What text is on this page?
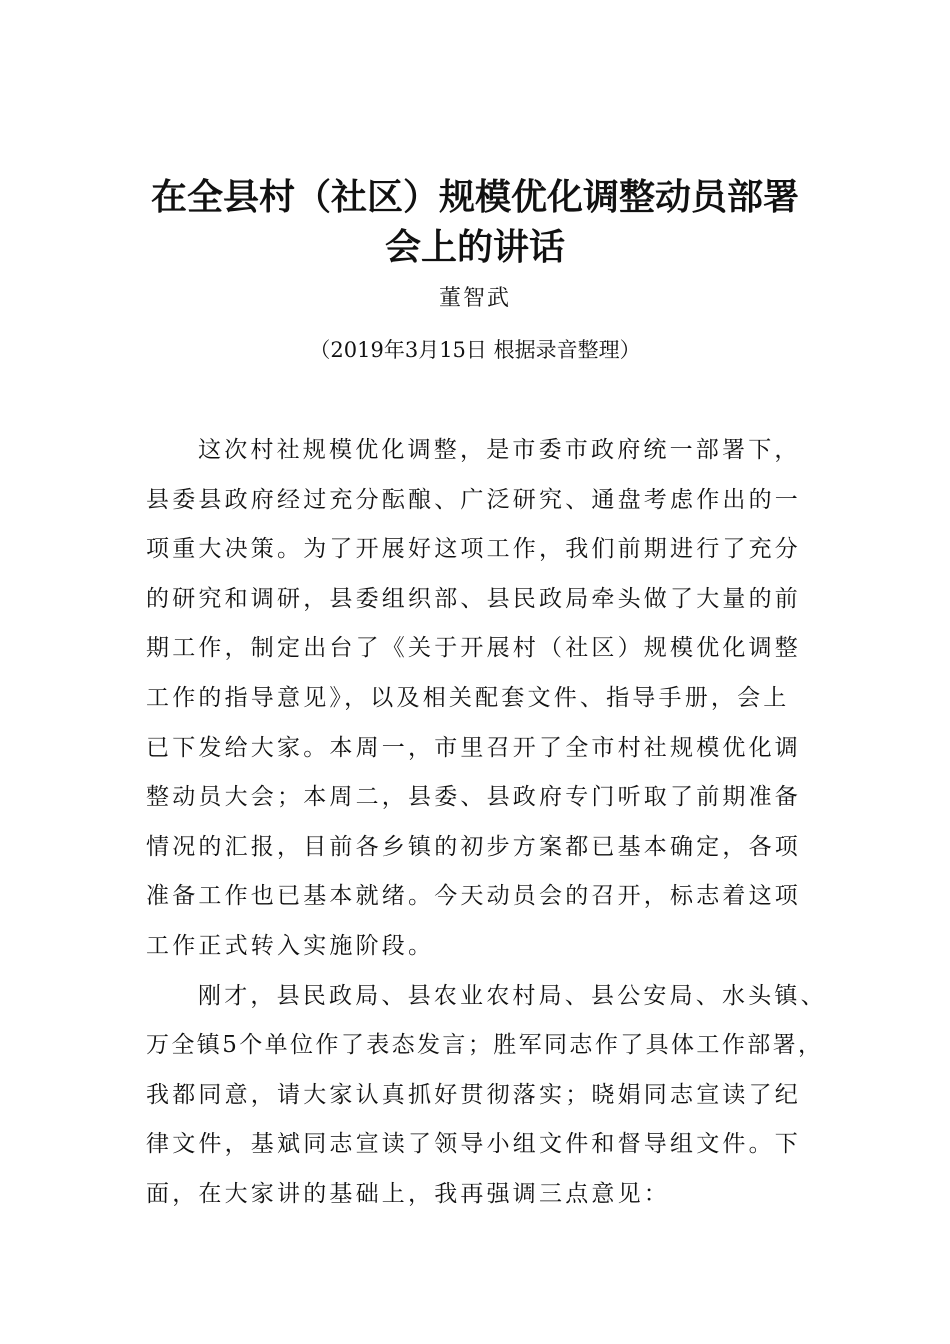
在全县村（社区）规模优化调整动员部署
会上的讲话
董智武
（2019年3月15日 根据录音整理）

这次村社规模优化调整，是市委市政府统一部署下，
县委县政府经过充分酝酿、广泛研究、通盘考虑作出的一
项重大决策。为了开展好这项工作，我们前期进行了充分
的研究和调研，县委组织部、县民政局牵头做了大量的前
期工作，制定出台了《关于开展村（社区）规模优化调整
工作的指导意见》，以及相关配套文件、指导手册，会上
已下发给大家。本周一，市里召开了全市村社规模优化调
整动员大会；本周二，县委、县政府专门听取了前期准备
情况的汇报，目前各乡镇的初步方案都已基本确定，各项
准备工作也已基本就绪。今天动员会的召开，标志着这项
工作正式转入实施阶段。

刚才，县民政局、县农业农村局、县公安局、水头镇、
万全镇5个单位作了表态发言；胜军同志作了具体工作部署，
我都同意，请大家认真抓好贯彻落实；晓娟同志宣读了纪
律文件，基斌同志宣读了领导小组文件和督导组文件。下
面，在大家讲的基础上，我再强调三点意见：
